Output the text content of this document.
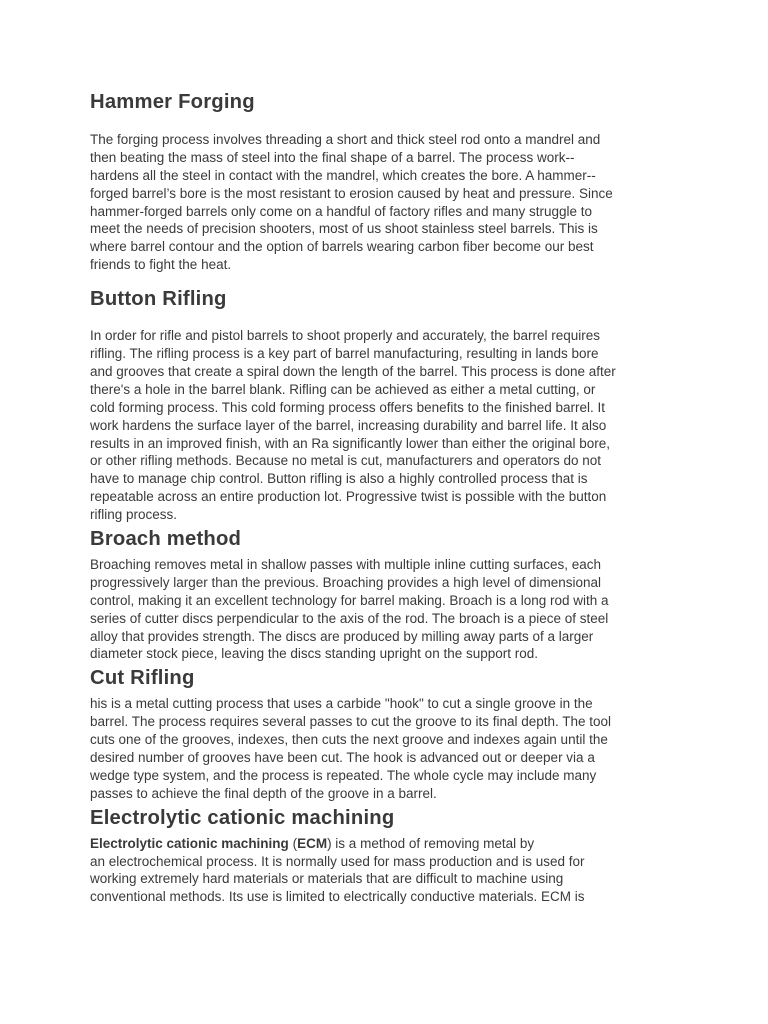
Hammer Forging

The forging process involves threading a short and thick steel rod onto a mandrel and
then beating the mass of steel into the final shape of a barrel. The process work--
hardens all the steel in contact with the mandrel, which creates the bore. A hammer--
forged barrel’s bore is the most resistant to erosion caused by heat and pressure. Since
hammer-forged barrels only come on a handful of factory rifles and many struggle to
meet the needs of precision shooters, most of us shoot stainless steel barrels. This is
where barrel contour and the option of barrels wearing carbon fiber become our best
friends to fight the heat.

Button Rifling

In order for rifle and pistol barrels to shoot properly and accurately, the barrel requires
rifling. The rifling process is a key part of barrel manufacturing, resulting in lands bore
and grooves that create a spiral down the length of the barrel. This process is done after
there's a hole in the barrel blank. Rifling can be achieved as either a metal cutting, or
cold forming process. This cold forming process offers benefits to the finished barrel. It
work hardens the surface layer of the barrel, increasing durability and barrel life. It also
results in an improved finish, with an Ra significantly lower than either the original bore,
or other rifling methods. Because no metal is cut, manufacturers and operators do not
have to manage chip control. Button rifling is also a highly controlled process that is
repeatable across an entire production lot. Progressive twist is possible with the button
rifling process.

Broach method

Broaching removes metal in shallow passes with multiple inline cutting surfaces, each
progressively larger than the previous. Broaching provides a high level of dimensional
control, making it an excellent technology for barrel making. Broach is a long rod with a
series of cutter discs perpendicular to the axis of the rod. The broach is a piece of steel
alloy that provides strength. The discs are produced by milling away parts of a larger
diameter stock piece, leaving the discs standing upright on the support rod.

Cut Rifling

his is a metal cutting process that uses a carbide "hook" to cut a single groove in the
barrel. The process requires several passes to cut the groove to its final depth. The tool
cuts one of the grooves, indexes, then cuts the next groove and indexes again until the
desired number of grooves have been cut. The hook is advanced out or deeper via a
wedge type system, and the process is repeated. The whole cycle may include many
passes to achieve the final depth of the groove in a barrel.

Electrolytic cationic machining

Electrolytic cationic machining (ECM) is a method of removing metal by
an electrochemical process. It is normally used for mass production and is used for
working extremely hard materials or materials that are difficult to machine using
conventional methods. Its use is limited to electrically conductive materials. ECM is
